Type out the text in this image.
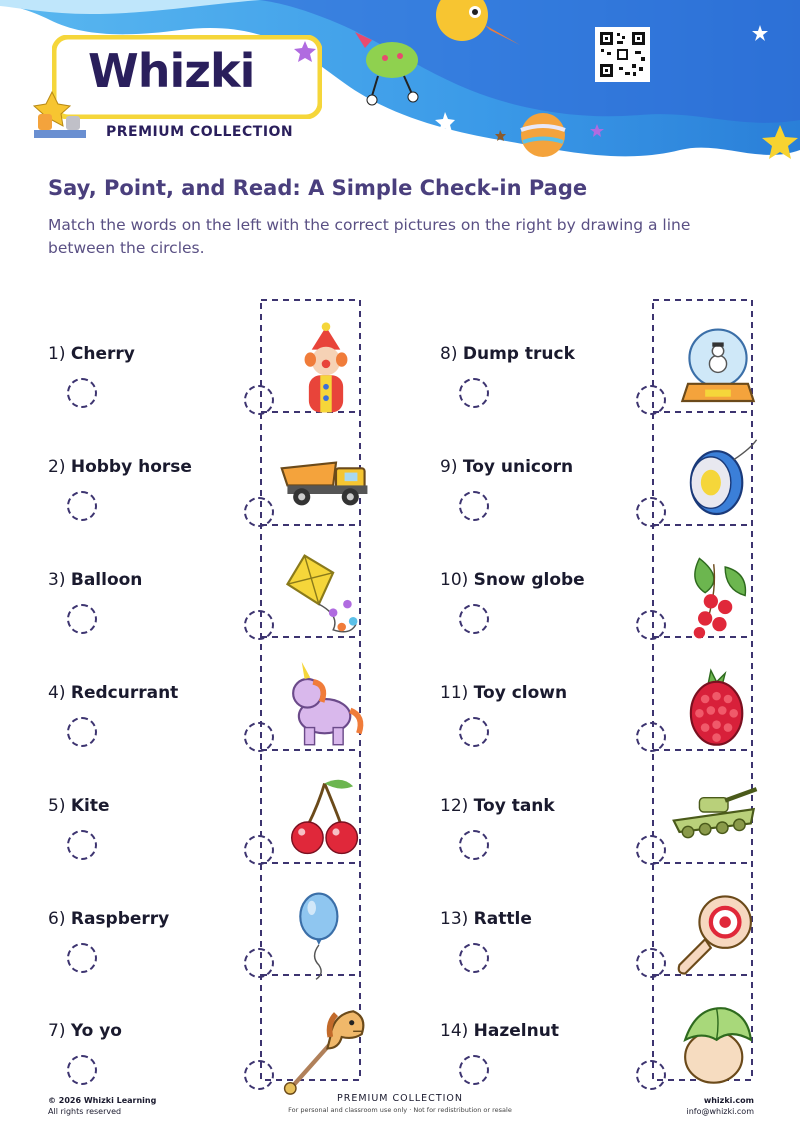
Whizki
PREMIUM COLLECTION
Say, Point, and Read: A Simple Check-in Page

Match the words on the left with the correct pictures on the right by drawing a line between the circles.

1) Cherry
2) Hobby horse
3) Balloon
4) Redcurrant
5) Kite
6) Raspberry
7) Yo yo
8) Dump truck
9) Toy unicorn
10) Snow globe
11) Toy clown
12) Toy tank
13) Rattle
14) Hazelnut
© 2026 Whizki Learning
All rights reserved
PREMIUM COLLECTION
For personal and classroom use only · Not for redistribution or resale
whizki.com
info@whizki.com
